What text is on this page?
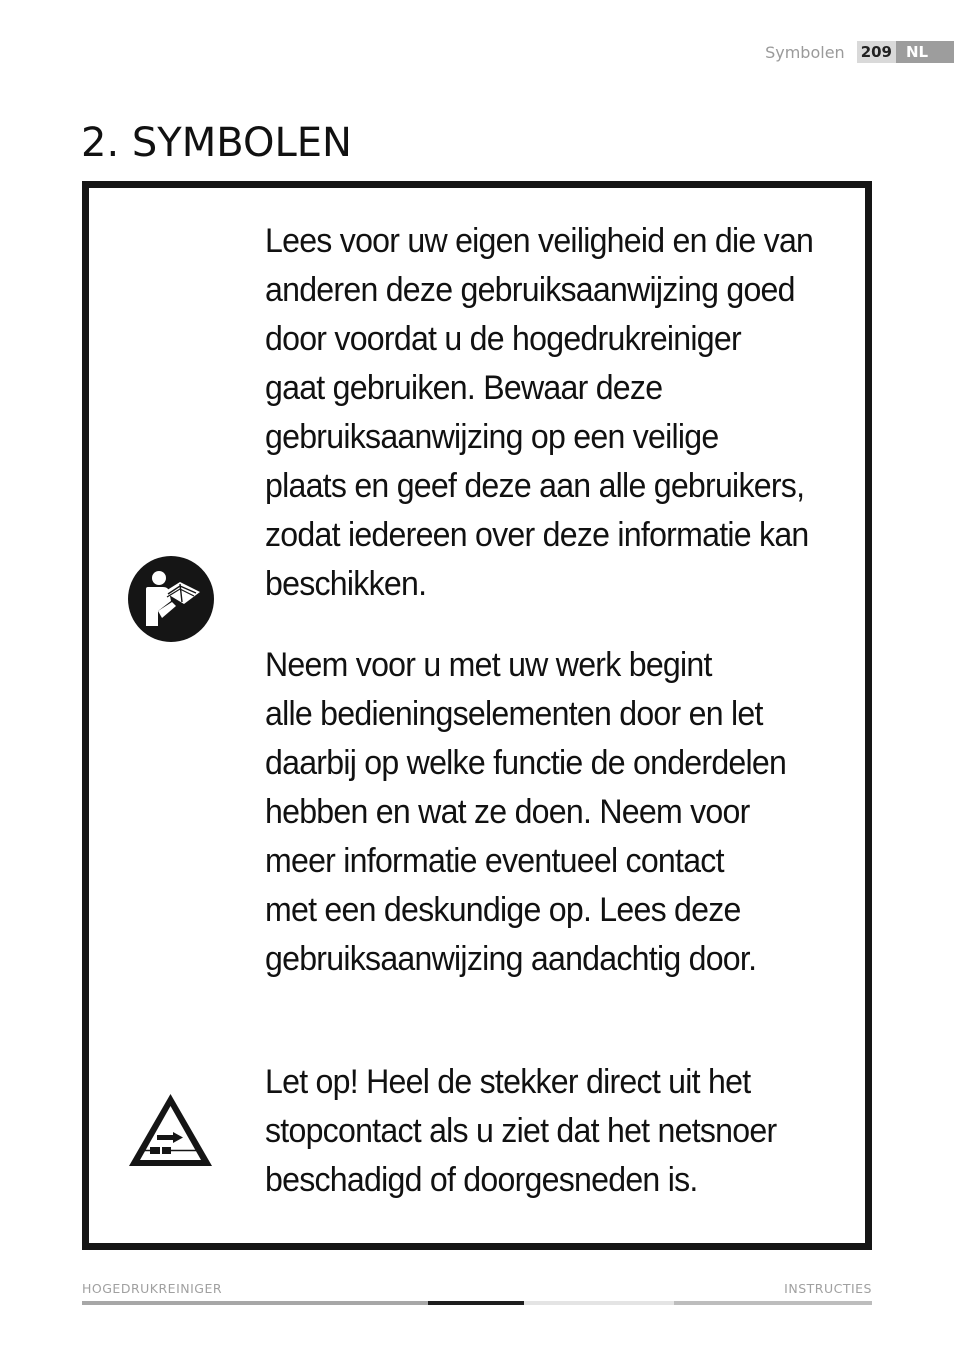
Symbolen 209 NL
2. SYMBOLEN

Lees voor uw eigen veiligheid en die van
anderen deze gebruiksaanwijzing goed
door voordat u de hogedrukreiniger
gaat gebruiken. Bewaar deze
gebruiksaanwijzing op een veilige
plaats en geef deze aan alle gebruikers,
zodat iedereen over deze informatie kan
beschikken.

Neem voor u met uw werk begint
alle bedieningselementen door en let
daarbij op welke functie de onderdelen
hebben en wat ze doen. Neem voor
meer informatie eventueel contact
met een deskundige op. Lees deze
gebruiksaanwijzing aandachtig door.

Let op! Heel de stekker direct uit het
stopcontact als u ziet dat het netsnoer
beschadigd of doorgesneden is.

HOGEDRUKREINIGER	INSTRUCTIES
